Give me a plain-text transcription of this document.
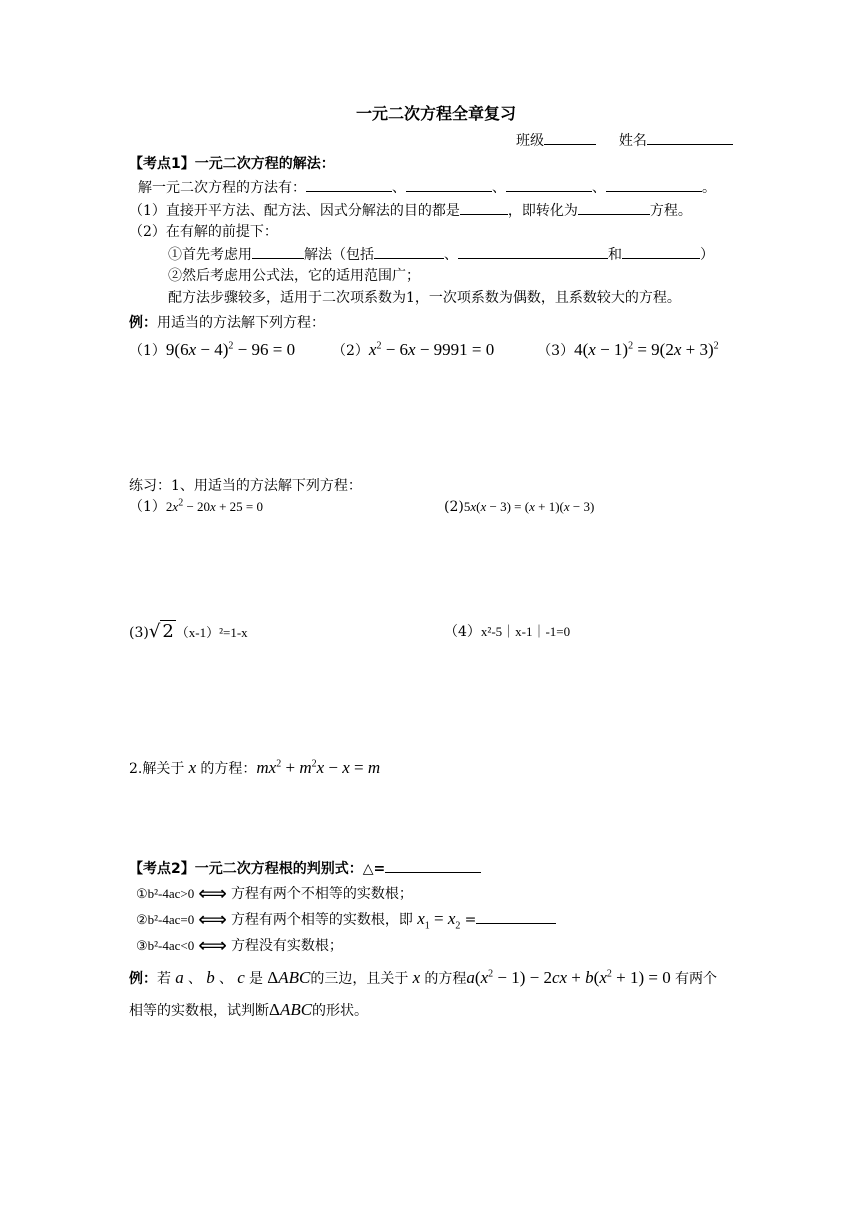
一元二次方程全章复习
班级	姓名
【考点1】一元二次方程的解法：
解一元二次方程的方法有：	、	、	、	。
（1）直接开平方法、配方法、因式分解法的目的都是	，即转化为	方程。
（2）在有解的前提下：
①首先考虑用	解法（包括	、	和	）
②然后考虑用公式法，它的适用范围广；
配方法步骤较多，适用于二次项系数为1，一次项系数为偶数，且系数较大的方程。
例：用适当的方法解下列方程：
$(1)9(6x - 4)^2 - 96 = 0$	$(2)x^2 - 6x - 9991 = 0$	$(3)4(x - 1)^2 = 9(2x + 3)^2$
练习：1、用适当的方法解下列方程：
$(1)2x^2 - 20x + 25 = 0$	(2)5x(x − 3) = (x + 1)(x − 3)
(3)√ 2 （x-1）²=1-x	（4）x²-5｜x-1｜-1=0
2.解关于 x 的方程：$mx^2 + m^2x - x = m$
【考点2】一元二次方程根的判别式：△=
①b²-4ac>0 ⟺ 方程有两个不相等的实数根；
②b²-4ac=0 ⟺ 方程有两个相等的实数根，即 $x_1 = x_2$ =
③b²-4ac<0 ⟺ 方程没有实数根；
例：若 a 、 b 、 c 是 ΔABC的三边，且关于 x 的方程$a(x^2 - 1) - 2cx + b(x^2 + 1) = 0$ 有两个
相等的实数根，试判断ΔABC的形状。
